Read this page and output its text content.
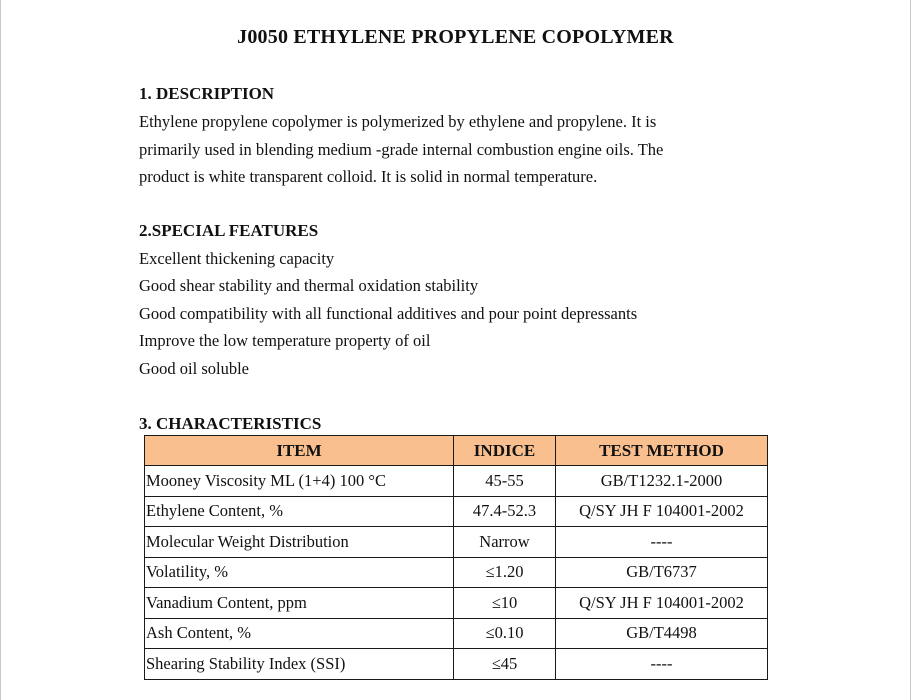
J0050 ETHYLENE PROPYLENE COPOLYMER
1. DESCRIPTION
Ethylene propylene copolymer is polymerized by ethylene and propylene. It is
primarily used in blending medium -grade internal combustion engine oils. The
product is white transparent colloid. It is solid in normal temperature.
2.SPECIAL FEATURES
Excellent thickening capacity
Good shear stability and thermal oxidation stability
Good compatibility with all functional additives and pour point depressants
Improve the low temperature property of oil
Good oil soluble
3. CHARACTERISTICS
ITEM	INDICE	TEST METHOD
Mooney Viscosity ML (1+4) 100 °C	45-55	GB/T1232.1-2000
Ethylene Content, %	47.4-52.3	Q/SY JH F 104001-2002
Molecular Weight Distribution	Narrow	----
Volatility, %	≤1.20	GB/T6737
Vanadium Content, ppm	≤10	Q/SY JH F 104001-2002
Ash Content, %	≤0.10	GB/T4498
Shearing Stability Index (SSI)	≤45	----
